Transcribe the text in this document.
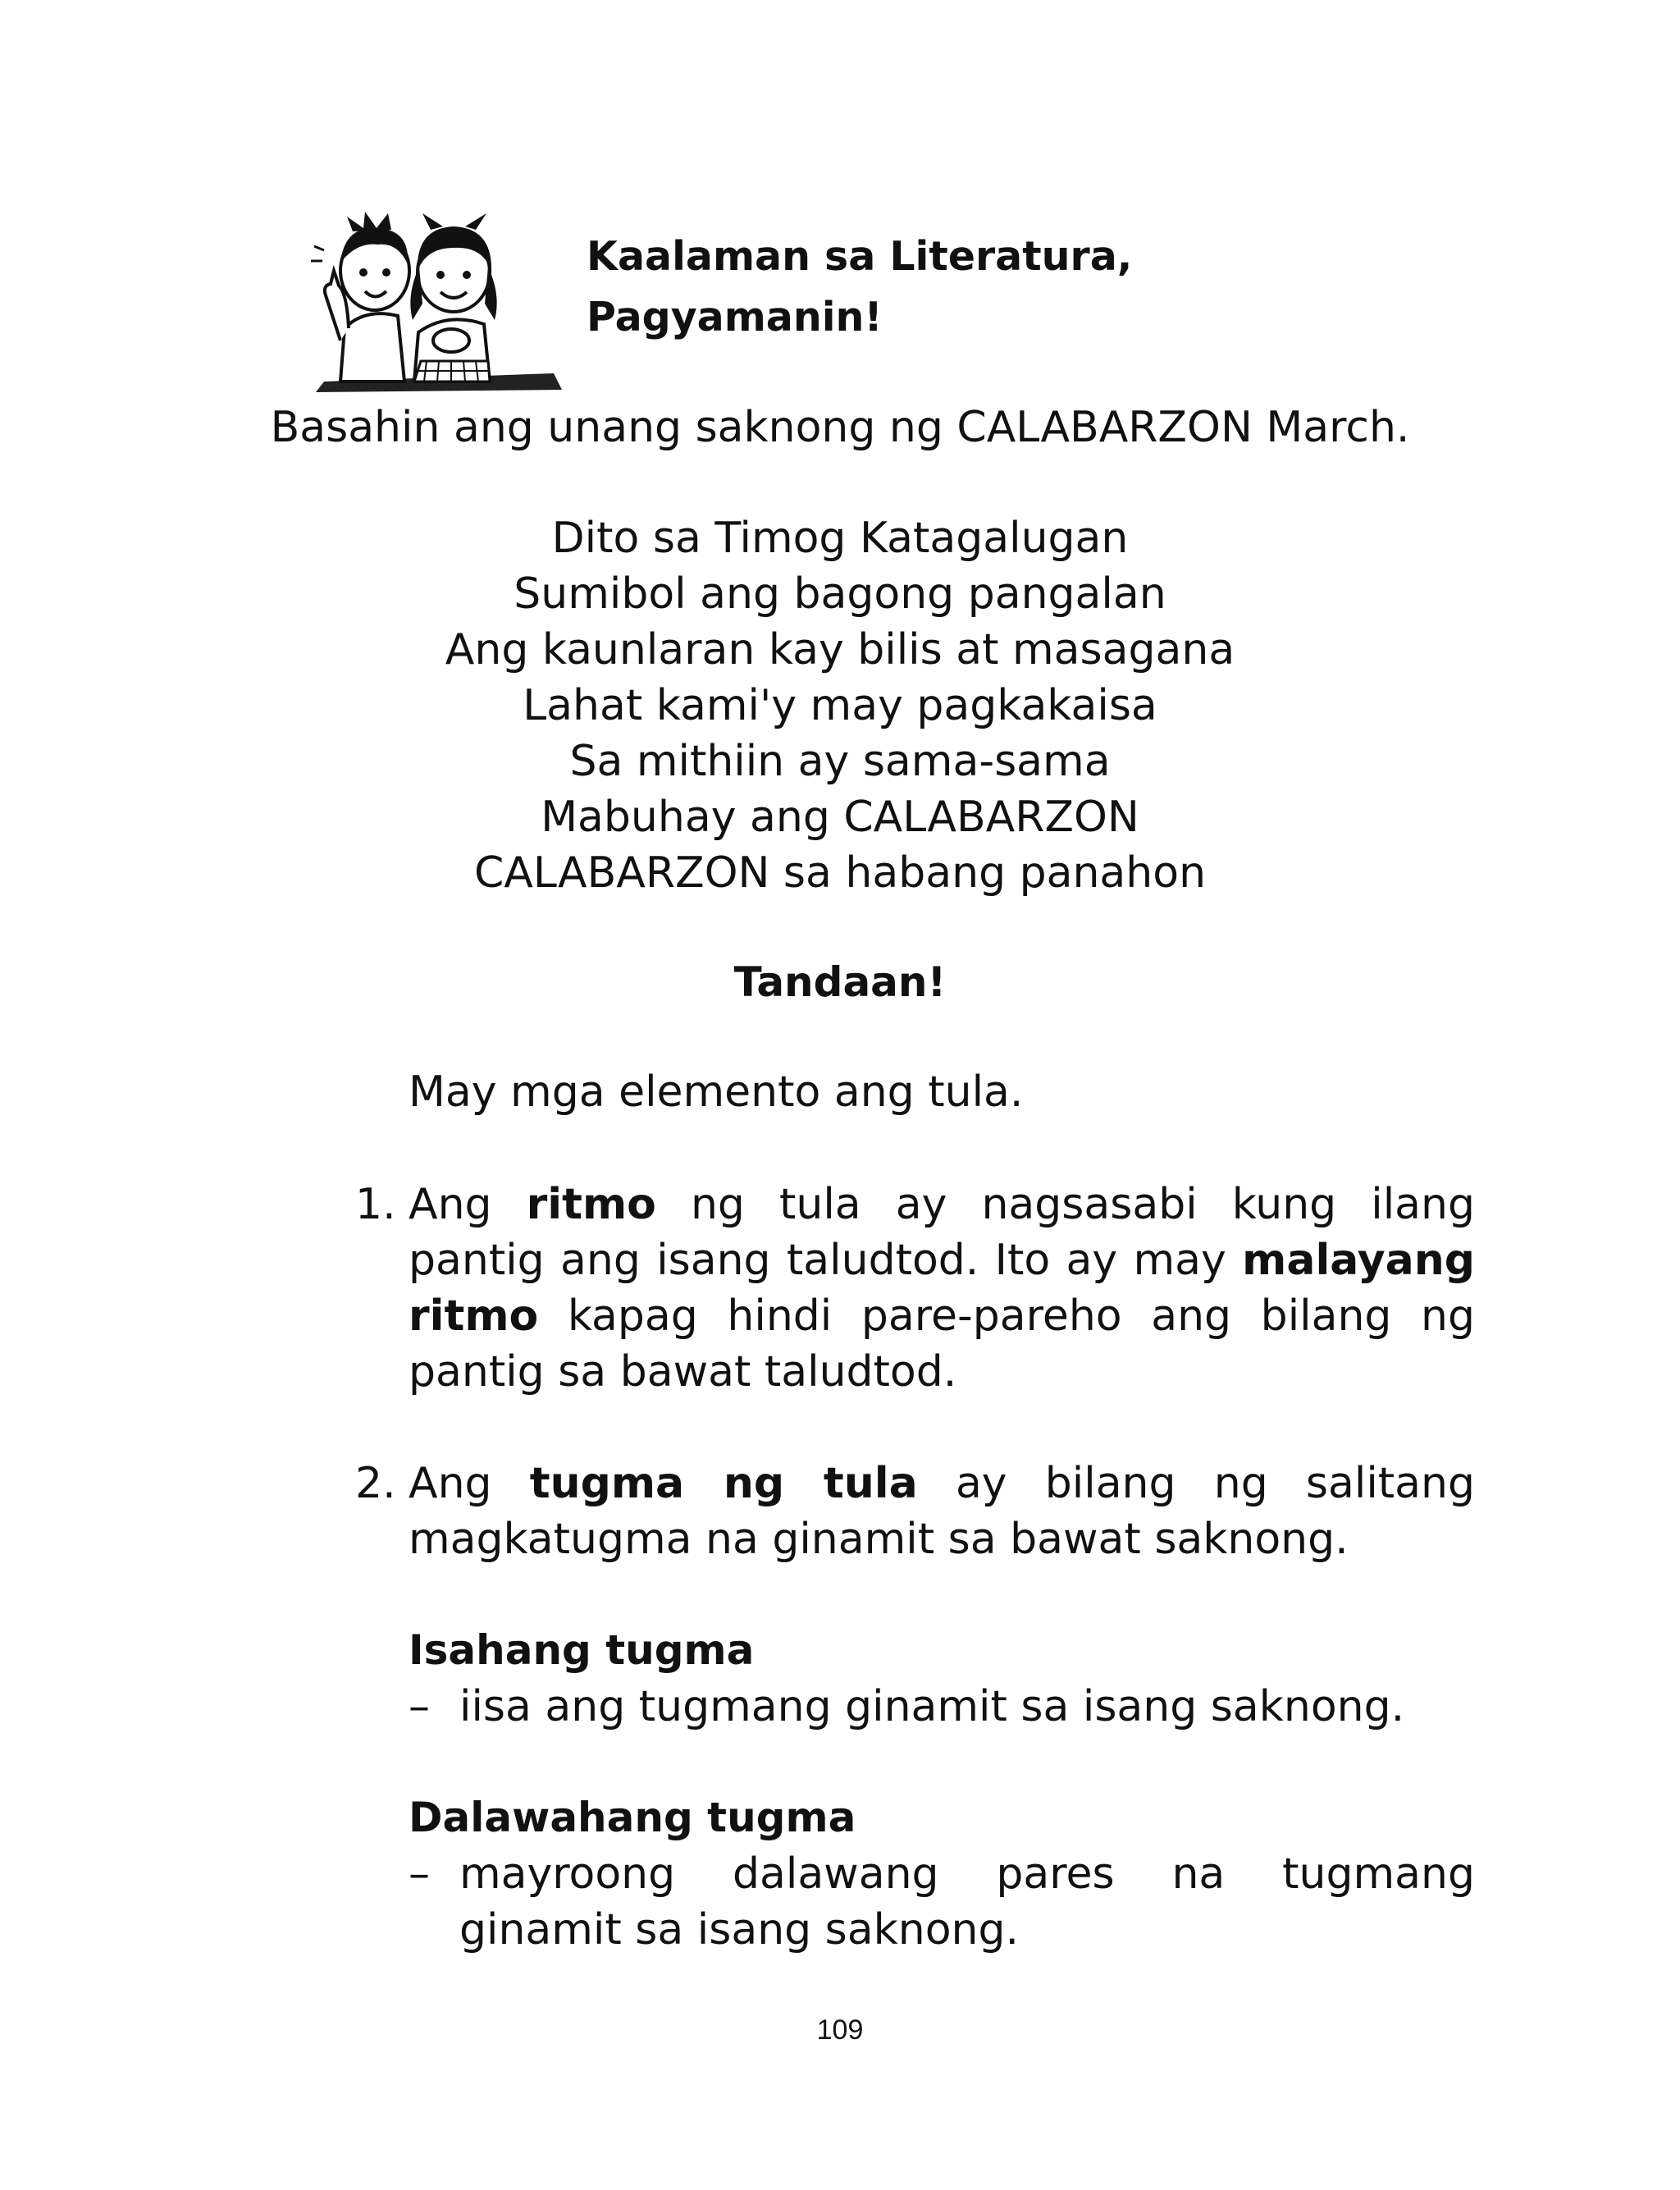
Kaalaman sa Literatura,
Pagyamanin!

Basahin ang unang saknong ng CALABARZON March.

Dito sa Timog Katagalugan
Sumibol ang bagong pangalan
Ang kaunlaran kay bilis at masagana
Lahat kami'y may pagkakaisa
Sa mithiin ay sama-sama
Mabuhay ang CALABARZON
CALABARZON sa habang panahon
Tandaan!

May mga elemento ang tula.

1. Ang ritmo ng tula ay nagsasabi kung ilang pantig ang isang taludtod. Ito ay may malayang ritmo kapag hindi pare-pareho ang bilang ng pantig sa bawat taludtod.

2. Ang tugma ng tula ay bilang ng salitang magkatugma na ginamit sa bawat saknong.

Isahang tugma

– iisa ang tugmang ginamit sa isang saknong.

Dalawahang tugma

– mayroong dalawang pares na tugmang ginamit sa isang saknong.

109
